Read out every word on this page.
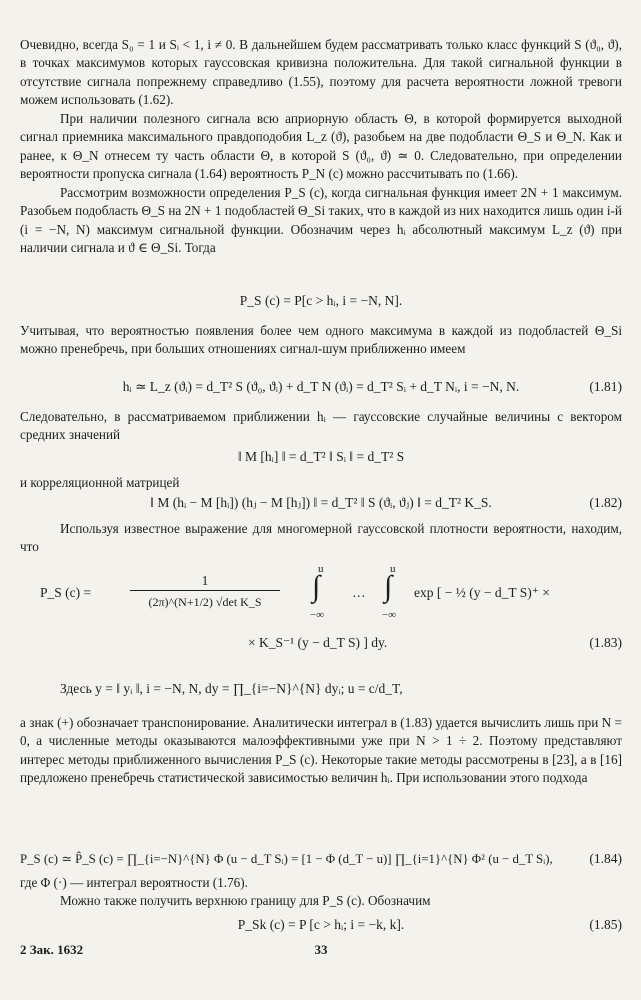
Очевидно, всегда S₀ = 1 и Sᵢ < 1, i ≠ 0. В дальнейшем будем рассматривать только класс функций S (ϑ₀, ϑ), в точках максимумов которых гауссовская кривизна положительна. Для такой сигнальной функции в отсутствие сигнала попрежнему справедливо (1.55), поэтому для расчета вероятности ложной тревоги можем использовать (1.62).

При наличии полезного сигнала всю априорную область Θ, в которой формируется выходной сигнал приемника максимального правдоподобия L_z (ϑ), разобьем на две подобласти Θ_S и Θ_N. Как и ранее, к Θ_N отнесем ту часть области Θ, в которой S (ϑ₀, ϑ) ≃ 0. Следовательно, при определении вероятности пропуска сигнала (1.64) вероятность P_N (c) можно рассчитывать по (1.66).

Рассмотрим возможности определения P_S (c), когда сигнальная функция имеет 2N + 1 максимум. Разобьем подобласть Θ_S на 2N + 1 подобластей Θ_Si таких, что в каждой из них находится лишь один i-й (i = −N, N) максимум сигнальной функции. Обозначим через hᵢ абсолютный максимум L_z (ϑ) при наличии сигнала и ϑ ∈ Θ_Si. Тогда

P_S (c) = P[c > hᵢ, i = −N, N].

Учитывая, что вероятностью появления более чем одного максимума в каждой из подобластей Θ_Si можно пренебречь, при больших отношениях сигнал-шум приближенно имеем

hᵢ ≃ L_z (ϑᵢ) = d_T² S (ϑ₀, ϑᵢ) + d_T N (ϑᵢ) = d_T² Sᵢ + d_T Nᵢ, i = −N, N.	(1.81)

Следовательно, в рассматриваемом приближении hᵢ — гауссовские случайные величины с вектором средних значений

‖ M [hᵢ] ‖ = d_T² ‖ Sᵢ ‖ = d_T² S

и корреляционной матрицей

‖ M (hᵢ − M [hᵢ]) (hⱼ − M [hⱼ]) ‖ = d_T² ‖ S (ϑᵢ, ϑⱼ) ‖ = d_T² K_S.	(1.82)

Используя известное выражение для многомерной гауссовской плотности вероятности, находим, что

P_S (c) =
1
(2π)^(N+1/2) √det K_S
u
∫
−∞
…
u
∫
−∞
exp [ − ½ (y − d_T S)⁺ ×
× K_S⁻¹ (y − d_T S) ] dy.	(1.83)
Здесь y = ‖ yᵢ ‖, i = −N, N, dy = ∏_{i=−N}^{N} dyᵢ; u = c/d_T,

а знак (+) обозначает транспонирование. Аналитически интеграл в (1.83) удается вычислить лишь при N = 0, а численные методы оказываются малоэффективными уже при N > 1 ÷ 2. Поэтому представляют интерес методы приближенного вычисления P_S (c). Некоторые такие методы рассмотрены в [23], а в [16] предложено пренебречь статистической зависимостью величин hᵢ. При использовании этого подхода

P_S (c) ≃ P̂_S (c) = ∏_{i=−N}^{N} Φ (u − d_T Sᵢ) = [1 − Φ (d_T − u)] ∏_{i=1}^{N} Φ² (u − d_T Sᵢ),	(1.84)

где Φ (·) — интеграл вероятности (1.76).

Можно также получить верхнюю границу для P_S (c). Обозначим

P_Sk (c) = P [c > hᵢ; i = −k, k].	(1.85)
2 Зак. 1632	33
